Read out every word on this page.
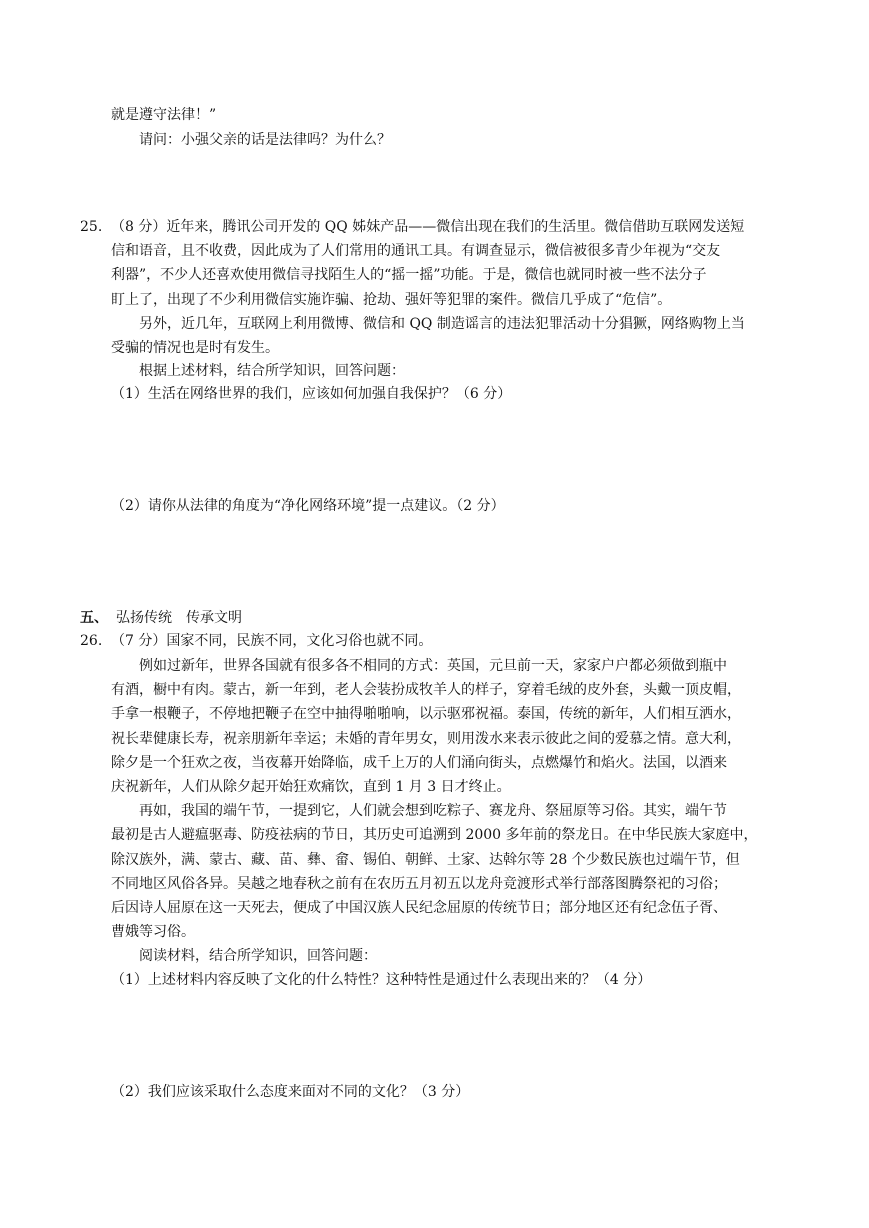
就是遵守法律！”
请问：小强父亲的话是法律吗？为什么？
25. （8 分）近年来，腾讯公司开发的 QQ 姊妹产品——微信出现在我们的生活里。微信借助互联网发送短
信和语音，且不收费，因此成为了人们常用的通讯工具。有调查显示，微信被很多青少年视为“交友
利器”，不少人还喜欢使用微信寻找陌生人的“摇一摇”功能。于是，微信也就同时被一些不法分子
盯上了，出现了不少利用微信实施诈骗、抢劫、强奸等犯罪的案件。微信几乎成了“危信”。
另外，近几年，互联网上利用微博、微信和 QQ 制造谣言的违法犯罪活动十分猖獗，网络购物上当
受骗的情况也是时有发生。
根据上述材料，结合所学知识，回答问题：
（1）生活在网络世界的我们，应该如何加强自我保护？（6 分）
（2）请你从法律的角度为“净化网络环境”提一点建议。（2 分）
五、 弘扬传统　传承文明
26. （7 分）国家不同，民族不同，文化习俗也就不同。
例如过新年，世界各国就有很多各不相同的方式：英国，元旦前一天，家家户户都必须做到瓶中
有酒，橱中有肉。蒙古，新一年到，老人会装扮成牧羊人的样子，穿着毛绒的皮外套，头戴一顶皮帽，
手拿一根鞭子，不停地把鞭子在空中抽得啪啪响，以示驱邪祝福。泰国，传统的新年，人们相互洒水，
祝长辈健康长寿，祝亲朋新年幸运；未婚的青年男女，则用泼水来表示彼此之间的爱慕之情。意大利，
除夕是一个狂欢之夜，当夜幕开始降临，成千上万的人们涌向街头，点燃爆竹和焰火。法国，以酒来
庆祝新年，人们从除夕起开始狂欢痛饮，直到 1 月 3 日才终止。
再如，我国的端午节，一提到它，人们就会想到吃粽子、赛龙舟、祭屈原等习俗。其实，端午节
最初是古人避瘟驱毒、防疫祛病的节日，其历史可追溯到 2000 多年前的祭龙日。在中华民族大家庭中，
除汉族外，满、蒙古、藏、苗、彝、畲、锡伯、朝鲜、土家、达斡尔等 28 个少数民族也过端午节，但
不同地区风俗各异。吴越之地春秋之前有在农历五月初五以龙舟竞渡形式举行部落图腾祭祀的习俗；
后因诗人屈原在这一天死去，便成了中国汉族人民纪念屈原的传统节日；部分地区还有纪念伍子胥、
曹娥等习俗。
阅读材料，结合所学知识，回答问题：
（1）上述材料内容反映了文化的什么特性？这种特性是通过什么表现出来的？（4 分）
（2）我们应该采取什么态度来面对不同的文化？（3 分）
